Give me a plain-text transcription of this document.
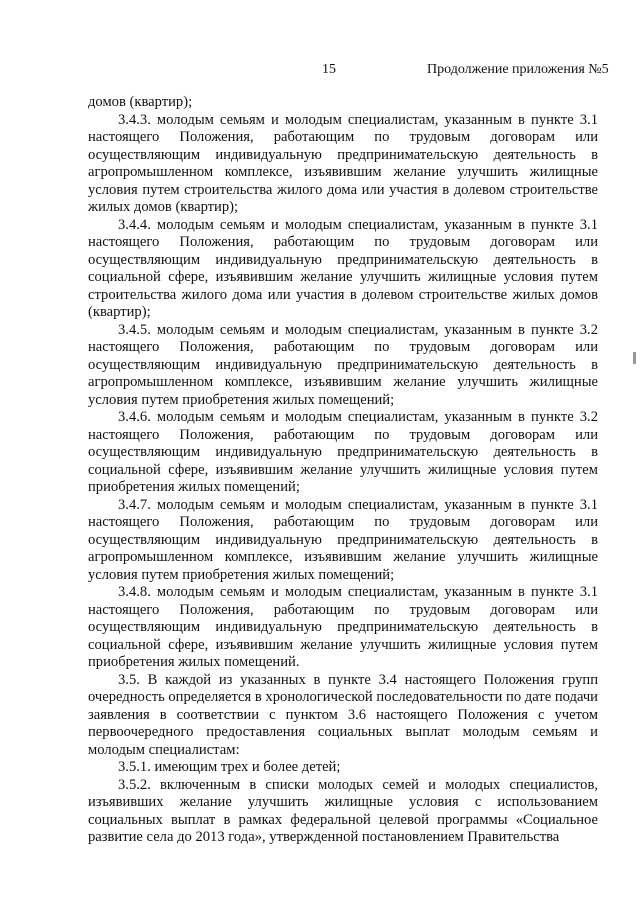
15	Продолжение приложения №5

домов (квартир);

3.4.3. молодым семьям и молодым специалистам, указанным в пункте 3.1 настоящего Положения, работающим по трудовым договорам или осуществляющим индивидуальную предпринимательскую деятельность в агропромышленном комплексе, изъявившим желание улучшить жилищные условия путем строительства жилого дома или участия в долевом строительстве жилых домов (квартир);

3.4.4. молодым семьям и молодым специалистам, указанным в пункте 3.1 настоящего Положения, работающим по трудовым договорам или осуществляющим индивидуальную предпринимательскую деятельность в социальной сфере, изъявившим желание улучшить жилищные условия путем строительства жилого дома или участия в долевом строительстве жилых домов (квартир);

3.4.5. молодым семьям и молодым специалистам, указанным в пункте 3.2 настоящего Положения, работающим по трудовым договорам или осуществляющим индивидуальную предпринимательскую деятельность в агропромышленном комплексе, изъявившим желание улучшить жилищные условия путем приобретения жилых помещений;

3.4.6. молодым семьям и молодым специалистам, указанным в пункте 3.2 настоящего Положения, работающим по трудовым договорам или осуществляющим индивидуальную предпринимательскую деятельность в социальной сфере, изъявившим желание улучшить жилищные условия путем приобретения жилых помещений;

3.4.7. молодым семьям и молодым специалистам, указанным в пункте 3.1 настоящего Положения, работающим по трудовым договорам или осуществляющим индивидуальную предпринимательскую деятельность в агропромышленном комплексе, изъявившим желание улучшить жилищные условия путем приобретения жилых помещений;

3.4.8. молодым семьям и молодым специалистам, указанным в пункте 3.1 настоящего Положения, работающим по трудовым договорам или осуществляющим индивидуальную предпринимательскую деятельность в социальной сфере, изъявившим желание улучшить жилищные условия путем приобретения жилых помещений.

3.5. В каждой из указанных в пункте 3.4 настоящего Положения групп очередность определяется в хронологической последовательности по дате подачи заявления в соответствии с пунктом 3.6 настоящего Положения с учетом первоочередного предоставления социальных выплат молодым семьям и молодым специалистам:

3.5.1. имеющим трех и более детей;

3.5.2. включенным в списки молодых семей и молодых специалистов, изъявивших желание улучшить жилищные условия с использованием социальных выплат в рамках федеральной целевой программы «Социальное развитие села до 2013 года», утвержденной постановлением Правительства
